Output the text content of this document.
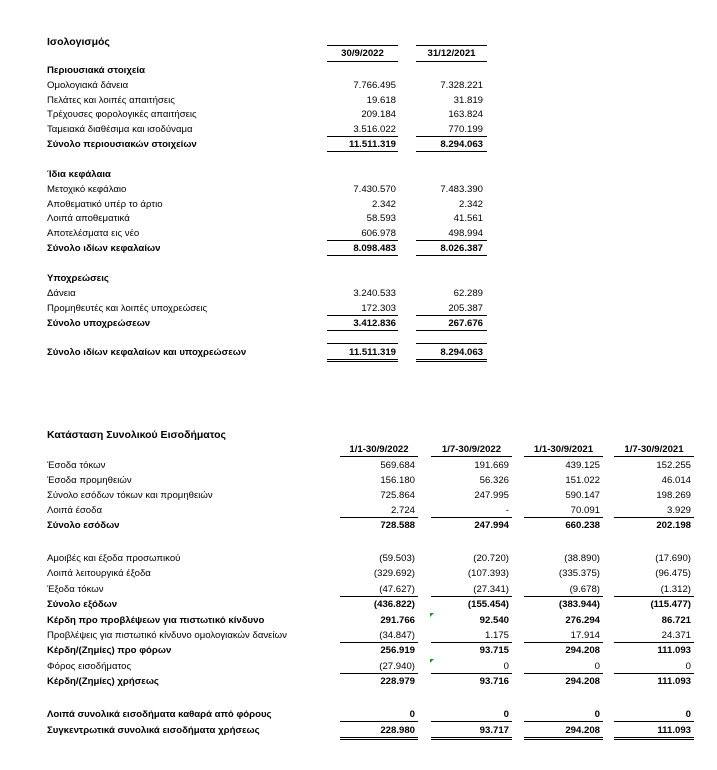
Ισολογισμός
30/9/2022	31/12/2021
Περιουσιακά στοιχεία
Ομολογιακά δάνεια	7.766.495	7.328.221
Πελάτες και λοιπές απαιτήσεις	19.618	31.819
Τρέχουσες φορολογικές απαιτήσεις	209.184	163.824
Ταμειακά διαθέσιμα και ισοδύναμα	3.516.022	770.199
Σύνολο περιουσιακών στοιχείων	11.511.319	8.294.063
Ίδια κεφάλαια
Μετοχικό κεφάλαιο	7.430.570	7.483.390
Αποθεματικό υπέρ το άρτιο	2.342	2.342
Λοιπά αποθεματικά	58.593	41.561
Αποτελέσματα εις νέο	606.978	498.994
Σύνολο ιδίων κεφαλαίων	8.098.483	8.026.387
Υποχρεώσεις
Δάνεια	3.240.533	62.289
Προμηθευτές και λοιπές υποχρεώσεις	172.303	205.387
Σύνολο υποχρεώσεων	3.412.836	267.676
Σύνολο ιδίων κεφαλαίων και υποχρεώσεων	11.511.319	8.294.063
Κατάσταση Συνολικού Εισοδήματος
1/1-30/9/2022	1/7-30/9/2022	1/1-30/9/2021	1/7-30/9/2021
Έσοδα τόκων	569.684	191.669	439.125	152.255
Έσοδα προμηθειών	156.180	56.326	151.022	46.014
Σύνολο εσόδων τόκων και προμηθειών	725.864	247.995	590.147	198.269
Λοιπά έσοδα	2.724	-	70.091	3.929
Σύνολο εσόδων	728.588	247.994	660.238	202.198
Αμοιβές και έξοδα προσωπικού	(59.503)	(20.720)	(38.890)	(17.690)
Λοιπά λειτουργικά έξοδα	(329.692)	(107.393)	(335.375)	(96.475)
Έξοδα τόκων	(47.627)	(27.341)	(9.678)	(1.312)
Σύνολο εξόδων	(436.822)	(155.454)	(383.944)	(115.477)
Κέρδη προ προβλέψεων για πιστωτικό κίνδυνο	291.766	92.540	276.294	86.721
Προβλέψεις για πιστωτικό κίνδυνο ομολογιακών δανείων	(34.847)	1.175	17.914	24.371
Κέρδη/(Ζημίες) προ φόρων	256.919	93.715	294.208	111.093
Φόρος εισοδήματος	(27.940)	0	0	0
Κέρδη/(Ζημίες) χρήσεως	228.979	93.716	294.208	111.093
Λοιπά συνολικά εισοδήματα καθαρά από φόρους	0	0	0	0
Συγκεντρωτικά συνολικά εισοδήματα χρήσεως	228.980	93.717	294.208	111.093
